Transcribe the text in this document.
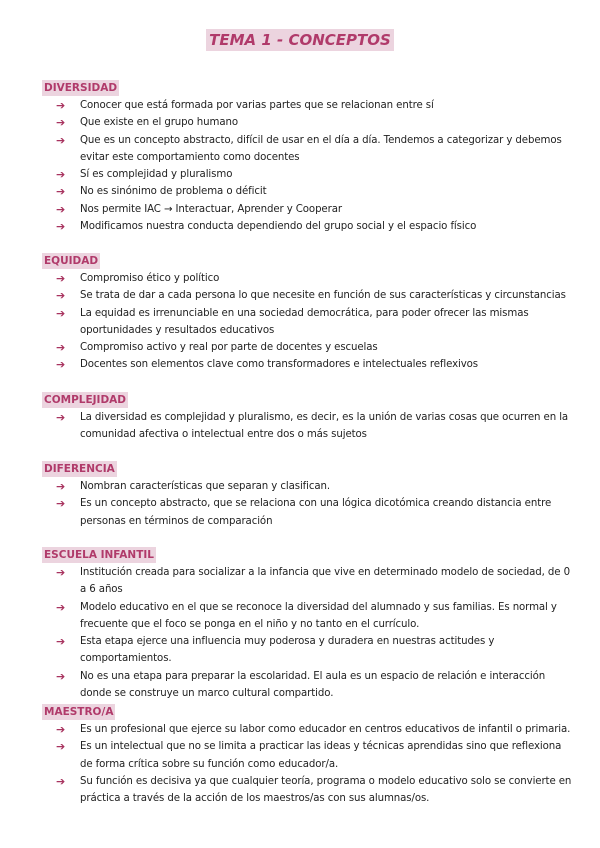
TEMA 1 - CONCEPTOS
DIVERSIDAD
➔ Conocer que está formada por varias partes que se relacionan entre sí
➔ Que existe en el grupo humano
➔ Que es un concepto abstracto, difícil de usar en el día a día. Tendemos a categorizar y debemos evitar este comportamiento como docentes
➔ Sí es complejidad y pluralismo
➔ No es sinónimo de problema o déficit
➔ Nos permite IAC → Interactuar, Aprender y Cooperar
➔ Modificamos nuestra conducta dependiendo del grupo social y el espacio físico
EQUIDAD
➔ Compromiso ético y político
➔ Se trata de dar a cada persona lo que necesite en función de sus características y circunstancias
➔ La equidad es irrenunciable en una sociedad democrática, para poder ofrecer las mismas oportunidades y resultados educativos
➔ Compromiso activo y real por parte de docentes y escuelas
➔ Docentes son elementos clave como transformadores e intelectuales reflexivos
COMPLEJIDAD
➔ La diversidad es complejidad y pluralismo, es decir, es la unión de varias cosas que ocurren en la comunidad afectiva o intelectual entre dos o más sujetos
DIFERENCIA
➔ Nombran características que separan y clasifican.
➔ Es un concepto abstracto, que se relaciona con una lógica dicotómica creando distancia entre personas en términos de comparación
ESCUELA INFANTIL
➔ Institución creada para socializar a la infancia que vive en determinado modelo de sociedad, de 0 a 6 años
➔ Modelo educativo en el que se reconoce la diversidad del alumnado y sus familias. Es normal y frecuente que el foco se ponga en el niño y no tanto en el currículo.
➔ Esta etapa ejerce una influencia muy poderosa y duradera en nuestras actitudes y comportamientos.
➔ No es una etapa para preparar la escolaridad. El aula es un espacio de relación e interacción donde se construye un marco cultural compartido.
MAESTRO/A
➔ Es un profesional que ejerce su labor como educador en centros educativos de infantil o primaria.
➔ Es un intelectual que no se limita a practicar las ideas y técnicas aprendidas sino que reflexiona de forma crítica sobre su función como educador/a.
➔ Su función es decisiva ya que cualquier teoría, programa o modelo educativo solo se convierte en práctica a través de la acción de los maestros/as con sus alumnas/os.
